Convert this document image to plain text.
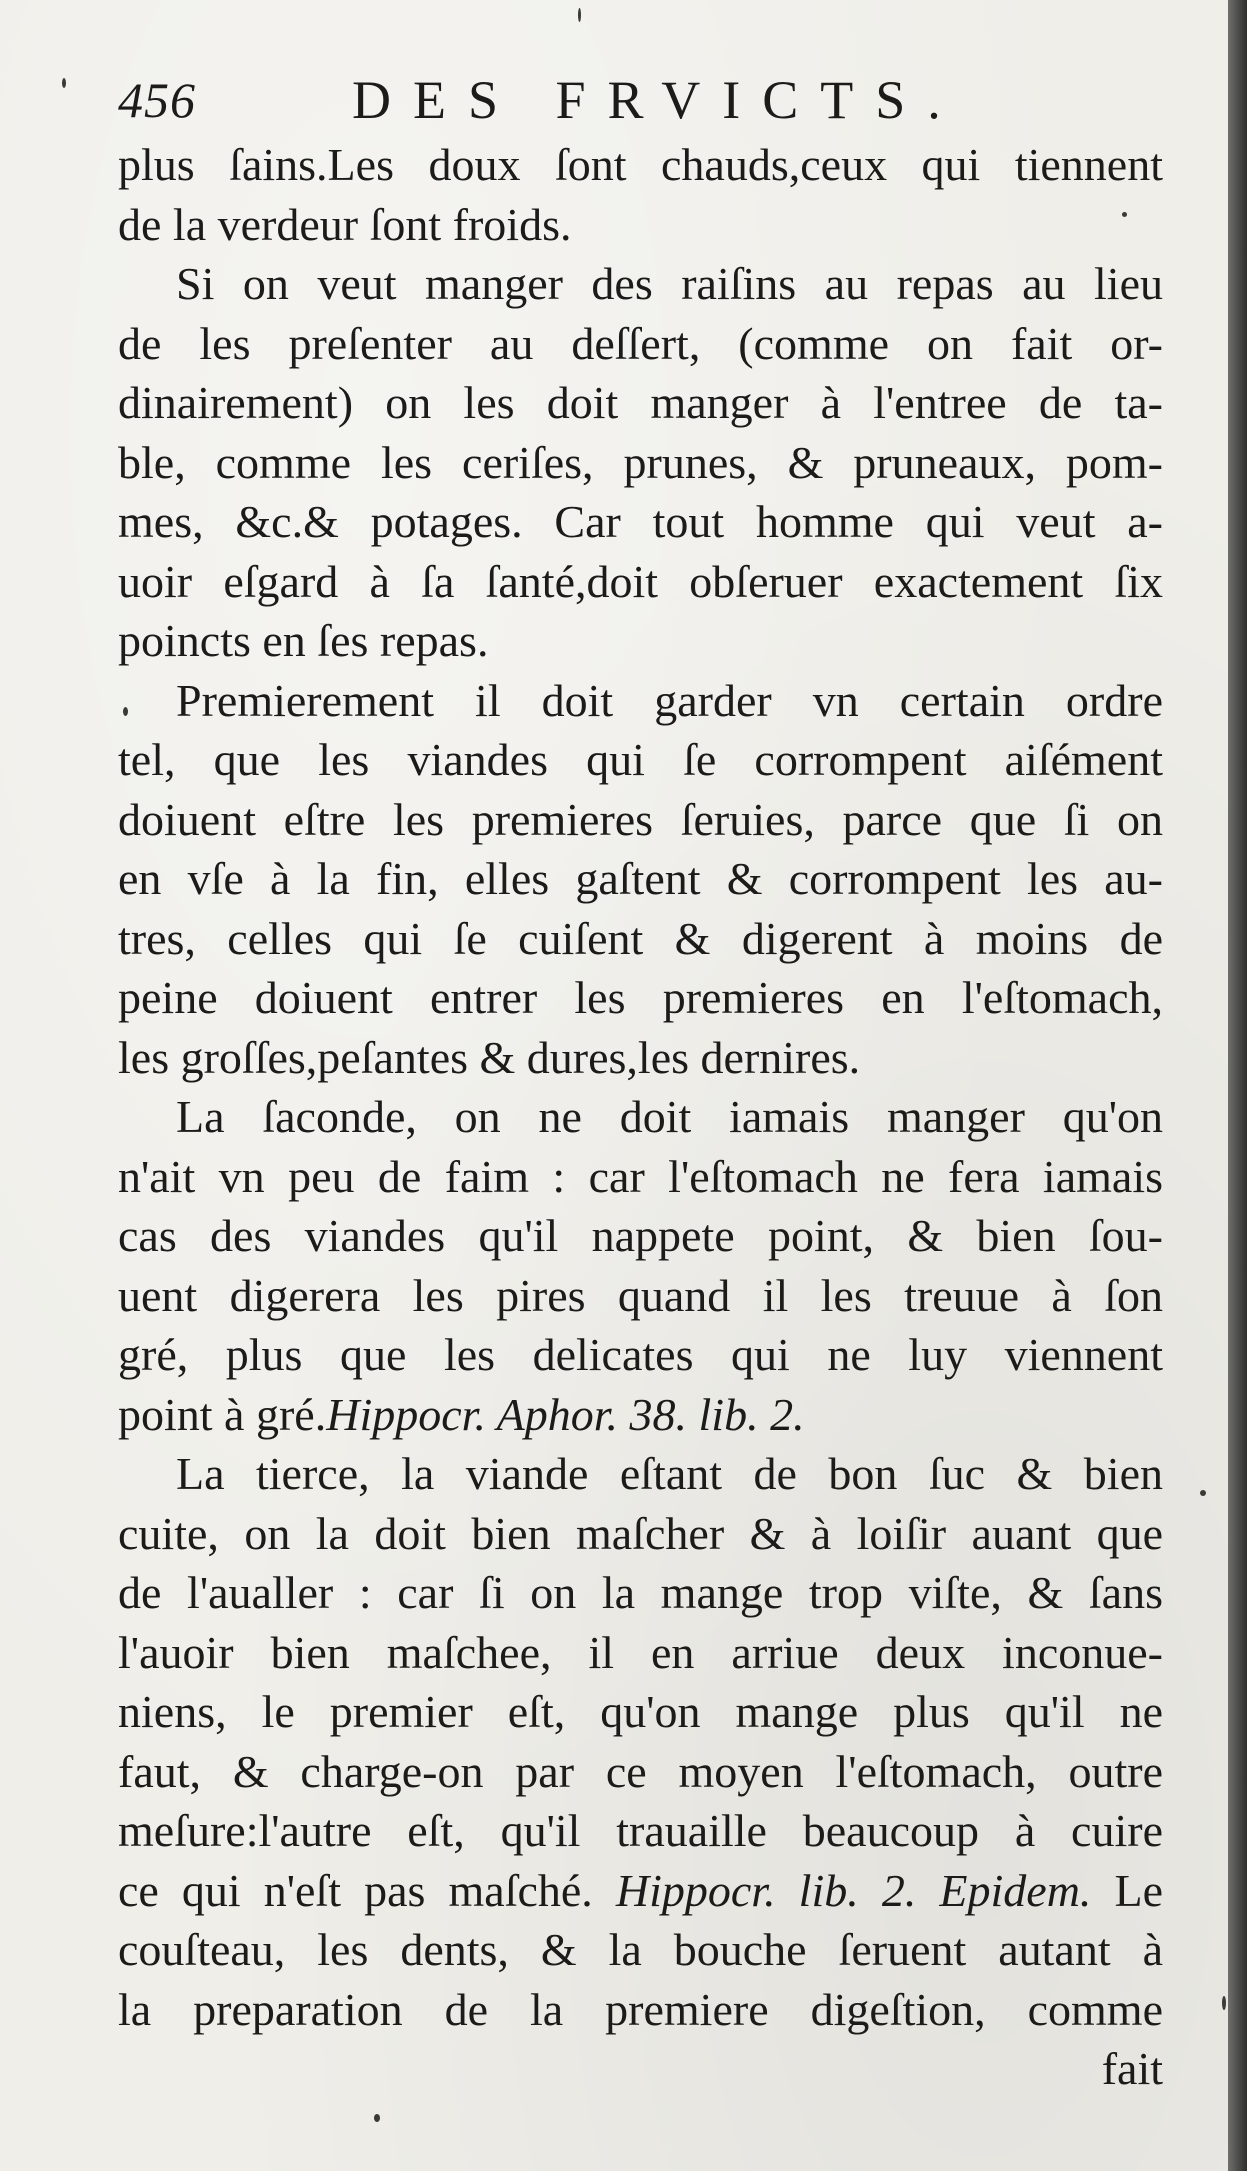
456	DES FRVICTS.
plus ſains.Les doux ſont chauds,ceux qui tiennent
de la verdeur ſont froids.
Si on veut manger des raiſins au repas au lieu
de les preſenter au deſſert, (comme on fait or-
dinairement) on les doit manger à l'entree de ta-
ble, comme les ceriſes, prunes, & pruneaux, pom-
mes, &c.& potages. Car tout homme qui veut a-
uoir eſgard à ſa ſanté,doit obſeruer exactement ſix
poincts en ſes repas.
Premierement il doit garder vn certain ordre
tel, que les viandes qui ſe corrompent aiſément
doiuent eſtre les premieres ſeruies, parce que ſi on
en vſe à la fin, elles gaſtent & corrompent les au-
tres, celles qui ſe cuiſent & digerent à moins de
peine doiuent entrer les premieres en l'eſtomach,
les groſſes,peſantes & dures,les dernires.
La ſaconde, on ne doit iamais manger qu'on
n'ait vn peu de faim : car l'eſtomach ne fera iamais
cas des viandes qu'il nappete point, & bien ſou-
uent digerera les pires quand il les treuue à ſon
gré, plus que les delicates qui ne luy viennent
point à gré.Hippocr. Aphor. 38. lib. 2.
La tierce, la viande eſtant de bon ſuc & bien
cuite, on la doit bien maſcher & à loiſir auant que
de l'aualler : car ſi on la mange trop viſte, & ſans
l'auoir bien maſchee, il en arriue deux inconue-
niens, le premier eſt, qu'on mange plus qu'il ne
faut, & charge-on par ce moyen l'eſtomach, outre
meſure:l'autre eſt, qu'il trauaille beaucoup à cuire
ce qui n'eſt pas maſché. Hippocr. lib. 2. Epidem. Le
couſteau, les dents, & la bouche ſeruent autant à
la preparation de la premiere digeſtion, comme
fait
